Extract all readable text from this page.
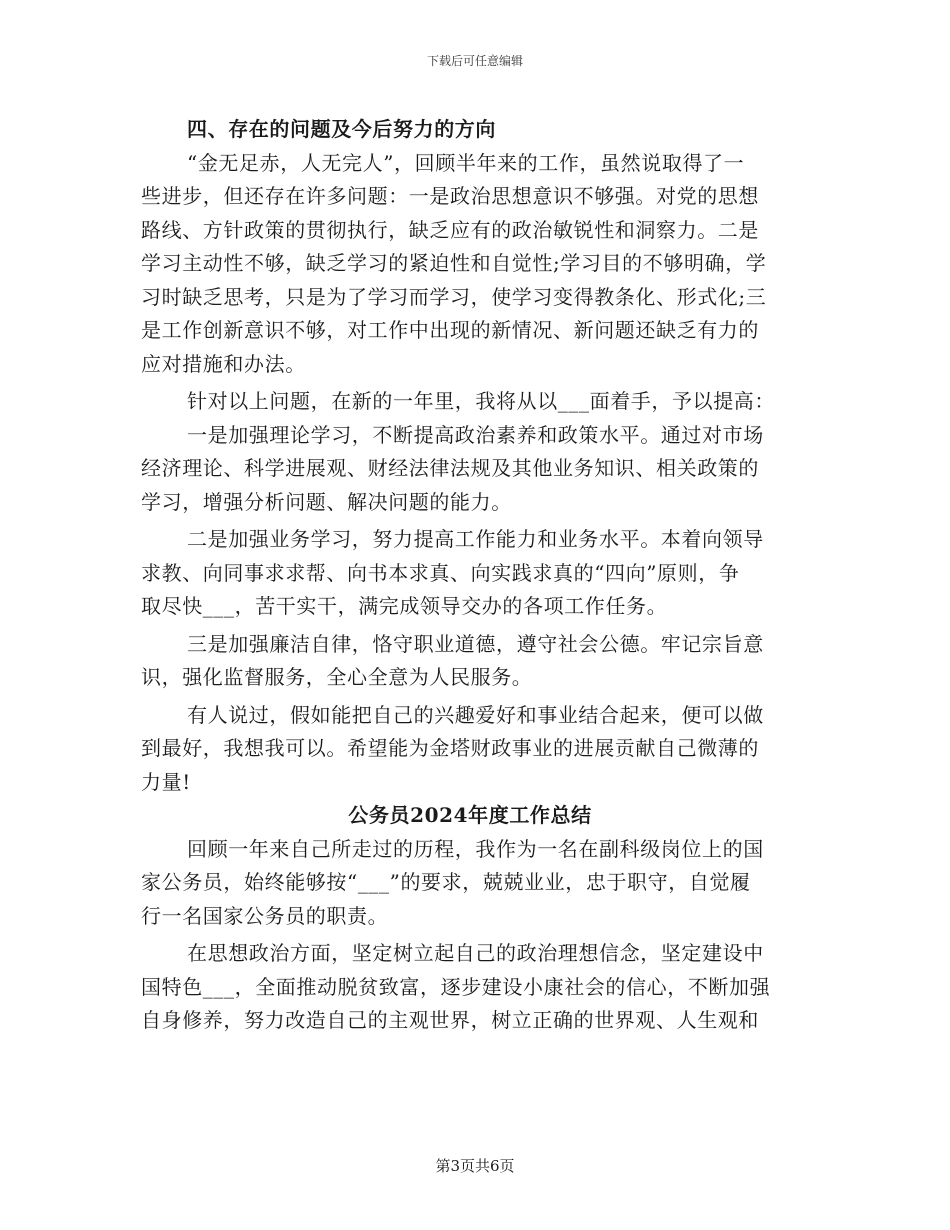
下载后可任意编辑
四、存在的问题及今后努力的方向
“金无足赤，人无完人”，回顾半年来的工作，虽然说取得了一
些进步，但还存在许多问题：一是政治思想意识不够强。对党的思想
路线、方针政策的贯彻执行，缺乏应有的政治敏锐性和洞察力。二是
学习主动性不够，缺乏学习的紧迫性和自觉性;学习目的不够明确，学
习时缺乏思考，只是为了学习而学习，使学习变得教条化、形式化;三
是工作创新意识不够，对工作中出现的新情况、新问题还缺乏有力的
应对措施和办法。
针对以上问题，在新的一年里，我将从以___面着手，予以提高：
一是加强理论学习，不断提高政治素养和政策水平。通过对市场
经济理论、科学进展观、财经法律法规及其他业务知识、相关政策的
学习，增强分析问题、解决问题的能力。
二是加强业务学习，努力提高工作能力和业务水平。本着向领导
求教、向同事求求帮、向书本求真、向实践求真的“四向”原则，争
取尽快___，苦干实干，满完成领导交办的各项工作任务。
三是加强廉洁自律，恪守职业道德，遵守社会公德。牢记宗旨意
识，强化监督服务，全心全意为人民服务。
有人说过，假如能把自己的兴趣爱好和事业结合起来，便可以做
到最好，我想我可以。希望能为金塔财政事业的进展贡献自己微薄的
力量!
公务员2024年度工作总结
回顾一年来自己所走过的历程，我作为一名在副科级岗位上的国
家公务员，始终能够按“___”的要求，兢兢业业，忠于职守，自觉履
行一名国家公务员的职责。
在思想政治方面，坚定树立起自己的政治理想信念，坚定建设中
国特色___，全面推动脱贫致富，逐步建设小康社会的信心，不断加强
自身修养，努力改造自己的主观世界，树立正确的世界观、人生观和
第3页共6页
